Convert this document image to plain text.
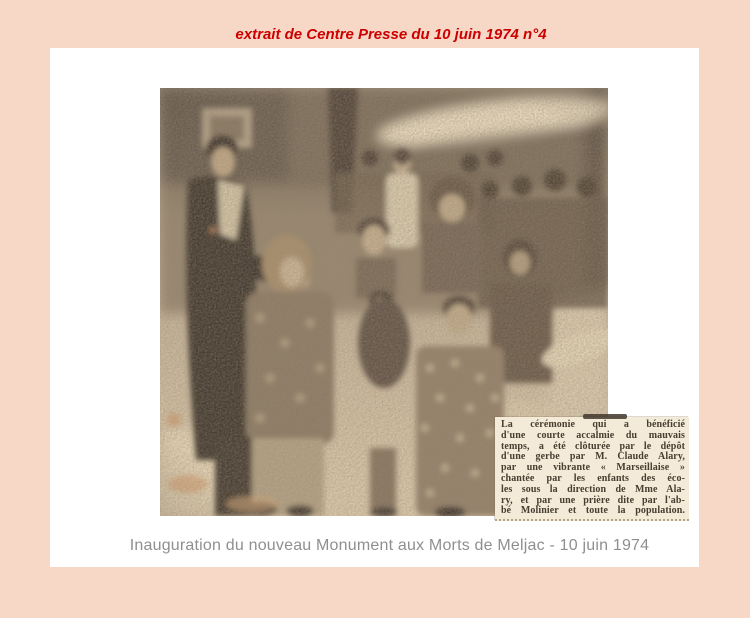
extrait de Centre Presse du 10 juin 1974 n°4
La cérémonie qui a bénéficié
d'une courte accalmie du mauvais
temps, a été clôturée par le dépôt
d'une gerbe par M. Claude Alary,
par une vibrante « Marseillaise »
chantée par les enfants des éco-
les sous la direction de Mme Ala-
ry, et par une prière dite par l'ab-
bé Molinier et toute la population.
Inauguration du nouveau Monument aux Morts de Meljac - 10 juin 1974
